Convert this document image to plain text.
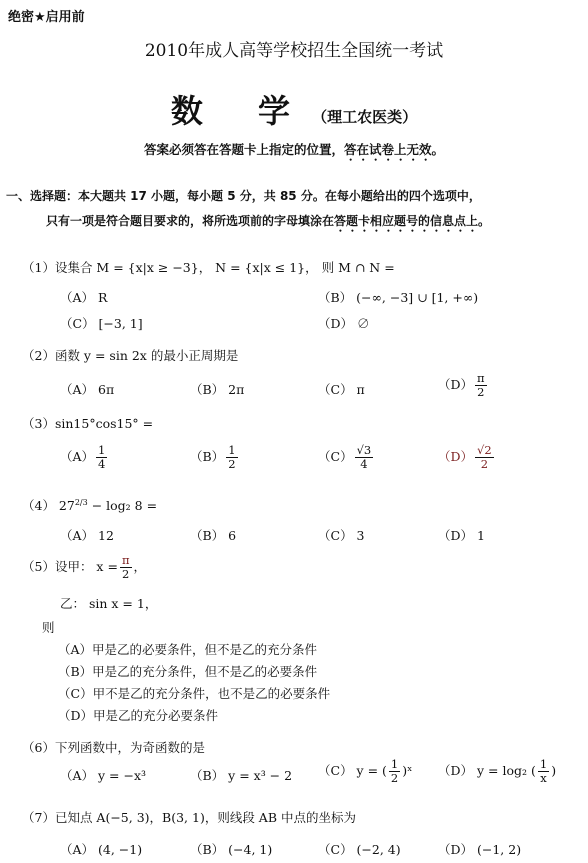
绝密★启用前
2010年成人高等学校招生全国统一考试
数 学（理工农医类）
答案必须答在答题卡上指定的位置，答在试卷上无效。
一、选择题：本大题共 17 小题，每小题 5 分，共 85 分。在每小题给出的四个选项中，
只有一项是符合题目要求的，将所选项前的字母填涂在答题卡相应题号的信息点上。
（1）设集合 M = {x|x ≥ −3}， N = {x|x ≤ 1}， 则 M ∩ N =
（A） R	（B） (−∞, −3] ∪ [1, +∞)
（C） [−3, 1]	（D） ∅
（2）函数 y = sin 2x 的最小正周期是
（A） 6π	（B） 2π	（C） π	$(D) \frac{\pi}{2}$
（3）sin15°cos15° =
$(A) \frac{1}{4}$	$(B) \frac{1}{2}$	$(C) \frac{√3}{4}$	$(D) \frac{√2}{2}$
（4） $27^{2/3} - \log_2$ 8 =
（A） 12	（B） 6	（C） 3	（D） 1
（5）设甲： $x = \frac{\pi}{2}$ ，
乙： sin x = 1，
则
（A）甲是乙的必要条件，但不是乙的充分条件
（B）甲是乙的充分条件，但不是乙的必要条件
（C）甲不是乙的充分条件，也不是乙的必要条件
（D）甲是乙的充分必要条件
（6）下列函数中，为奇函数的是
（A） y = −x³	（B） y = x³ − 2 （C） y = ( $\frac{1}{2}$ )ˣ （D） y = log₂ ( $\frac{1}{x}$ )
（7）已知点 A(−5, 3)，B(3, 1)，则线段 AB 中点的坐标为
（A） (4, −1)	（B） (−4, 1)	（C） (−2, 4)	（D） (−1, 2)
